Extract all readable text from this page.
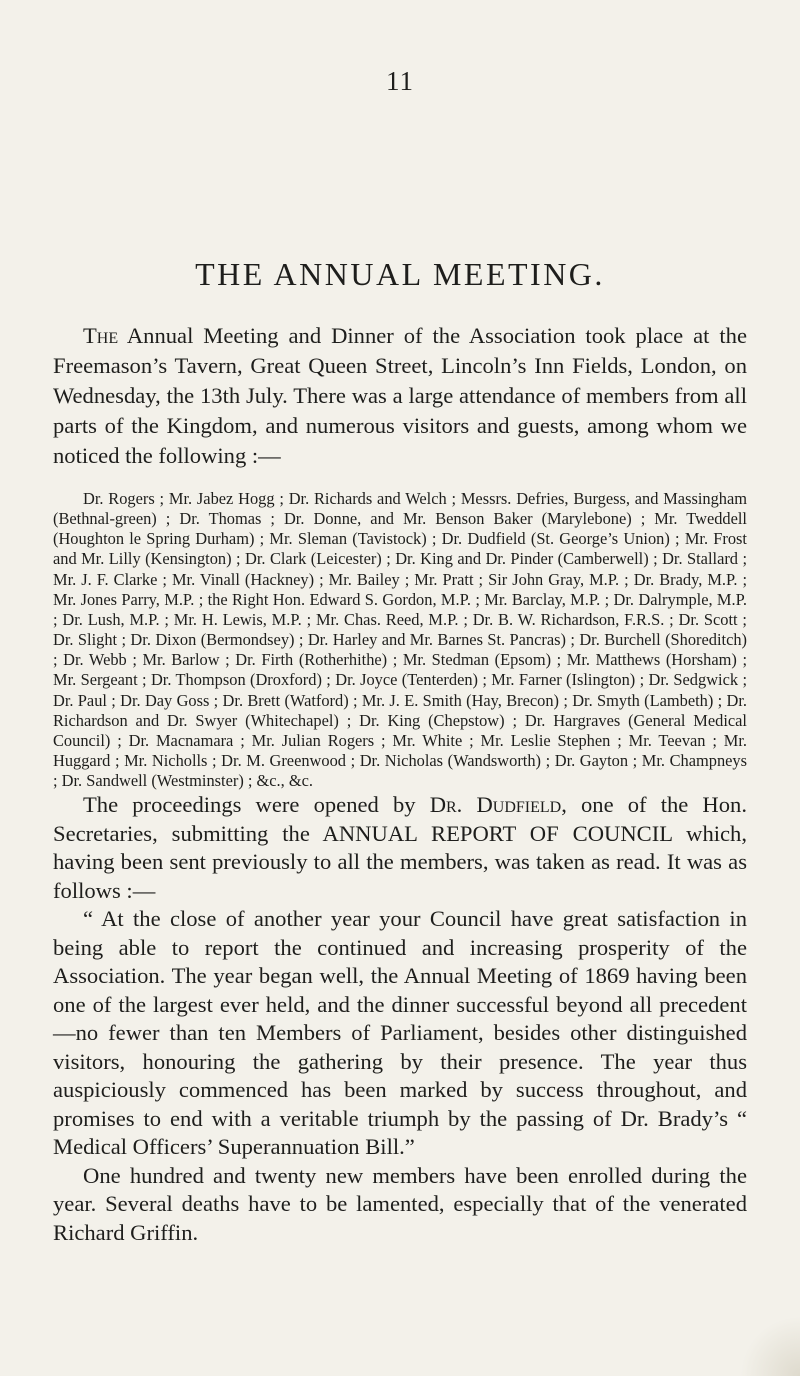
11
THE ANNUAL MEETING.

The Annual Meeting and Dinner of the Association took place at the Freemason’s Tavern, Great Queen Street, Lincoln’s Inn Fields, London, on Wednesday, the 13th July. There was a large attendance of members from all parts of the Kingdom, and numerous visitors and guests, among whom we noticed the following :—

Dr. Rogers ; Mr. Jabez Hogg ; Dr. Richards and Welch ; Messrs. Defries, Burgess, and Massingham (Bethnal-green) ; Dr. Thomas ; Dr. Donne, and Mr. Benson Baker (Marylebone) ; Mr. Tweddell (Houghton le Spring Durham) ; Mr. Sleman (Tavistock) ; Dr. Dudfield (St. George’s Union) ; Mr. Frost and Mr. Lilly (Kensington) ; Dr. Clark (Leicester) ; Dr. King and Dr. Pinder (Camberwell) ; Dr. Stallard ; Mr. J. F. Clarke ; Mr. Vinall (Hackney) ; Mr. Bailey ; Mr. Pratt ; Sir John Gray, M.P. ; Dr. Brady, M.P. ; Mr. Jones Parry, M.P. ; the Right Hon. Edward S. Gordon, M.P. ; Mr. Barclay, M.P. ; Dr. Dalrymple, M.P. ; Dr. Lush, M.P. ; Mr. H. Lewis, M.P. ; Mr. Chas. Reed, M.P. ; Dr. B. W. Richardson, F.R.S. ; Dr. Scott ; Dr. Slight ; Dr. Dixon (Bermondsey) ; Dr. Harley and Mr. Barnes St. Pancras) ; Dr. Burchell (Shoreditch) ; Dr. Webb ; Mr. Barlow ; Dr. Firth (Rotherhithe) ; Mr. Stedman (Epsom) ; Mr. Matthews (Horsham) ; Mr. Sergeant ; Dr. Thompson (Droxford) ; Dr. Joyce (Tenterden) ; Mr. Farner (Islington) ; Dr. Sedgwick ; Dr. Paul ; Dr. Day Goss ; Dr. Brett (Watford) ; Mr. J. E. Smith (Hay, Brecon) ; Dr. Smyth (Lambeth) ; Dr. Richardson and Dr. Swyer (Whitechapel) ; Dr. King (Chepstow) ; Dr. Hargraves (General Medical Council) ; Dr. Macnamara ; Mr. Julian Rogers ; Mr. White ; Mr. Leslie Stephen ; Mr. Teevan ; Mr. Huggard ; Mr. Nicholls ; Dr. M. Greenwood ; Dr. Nicholas (Wandsworth) ; Dr. Gayton ; Mr. Champneys ; Dr. Sandwell (Westminster) ; &c., &c.

The proceedings were opened by Dr. Dudfield, one of the Hon. Secretaries, submitting the ANNUAL REPORT OF COUNCIL which, having been sent previously to all the members, was taken as read. It was as follows :—

“ At the close of another year your Council have great satisfaction in being able to report the continued and increasing prosperity of the Association. The year began well, the Annual Meeting of 1869 having been one of the largest ever held, and the dinner successful beyond all precedent—no fewer than ten Members of Parliament, besides other distinguished visitors, honouring the gathering by their presence. The year thus auspiciously commenced has been marked by success throughout, and promises to end with a veritable triumph by the passing of Dr. Brady’s “ Medical Officers’ Superannuation Bill.”

One hundred and twenty new members have been enrolled during the year. Several deaths have to be lamented, especially that of the venerated Richard Griffin.
